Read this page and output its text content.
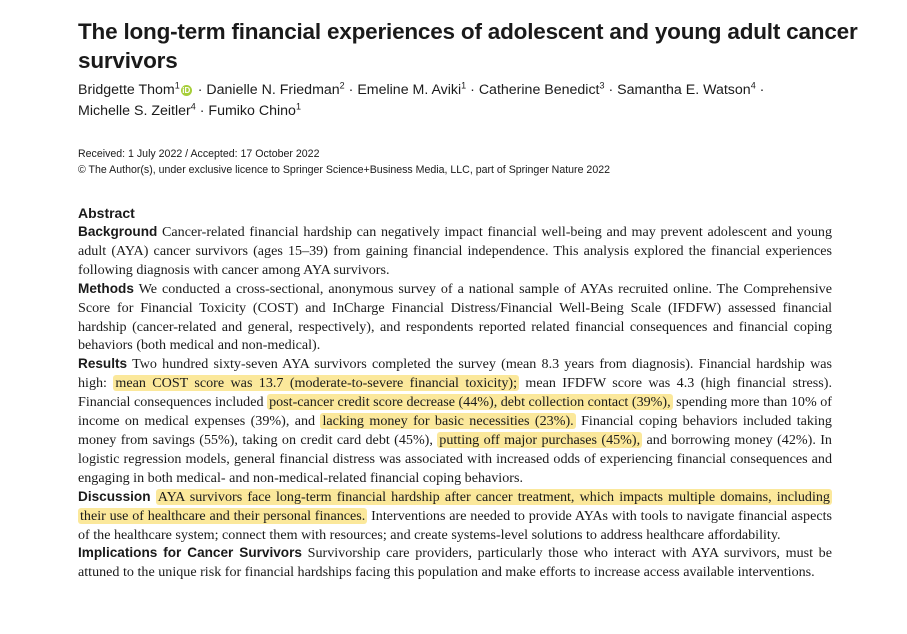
The long-term financial experiences of adolescent and young adult cancer survivors
Bridgette Thom$^1$iD · Danielle N. Friedman$^2$ · Emeline M. Aviki$^1$ · Catherine Benedict$^3$ · Samantha E. Watson$^4$ ·
Michelle S. Zeitler$^4$ · Fumiko Chino$^1$
Received: 1 July 2022 / Accepted: 17 October 2022
© The Author(s), under exclusive licence to Springer Science+Business Media, LLC, part of Springer Nature 2022
Abstract

Background Cancer-related financial hardship can negatively impact financial well-being and may prevent adolescent and young adult (AYA) cancer survivors (ages 15–39) from gaining financial independence. This analysis explored the financial experiences following diagnosis with cancer among AYA survivors.

Methods We conducted a cross-sectional, anonymous survey of a national sample of AYAs recruited online. The Comprehensive Score for Financial Toxicity (COST) and InCharge Financial Distress/Financial Well-Being Scale (IFDFW) assessed financial hardship (cancer-related and general, respectively), and respondents reported related financial consequences and financial coping behaviors (both medical and non-medical).

Results Two hundred sixty-seven AYA survivors completed the survey (mean 8.3 years from diagnosis). Financial hardship was high: mean COST score was 13.7 (moderate-to-severe financial toxicity); mean IFDFW score was 4.3 (high financial stress). Financial consequences included post-cancer credit score decrease (44%), debt collection contact (39%), spending more than 10% of income on medical expenses (39%), and lacking money for basic necessities (23%). Financial coping behaviors included taking money from savings (55%), taking on credit card debt (45%), putting off major purchases (45%), and borrowing money (42%). In logistic regression models, general financial distress was associated with increased odds of experiencing financial consequences and engaging in both medical- and non-medical-related financial coping behaviors.

Discussion AYA survivors face long-term financial hardship after cancer treatment, which impacts multiple domains, including their use of healthcare and their personal finances. Interventions are needed to provide AYAs with tools to navigate financial aspects of the healthcare system; connect them with resources; and create systems-level solutions to address healthcare affordability.

Implications for Cancer Survivors Survivorship care providers, particularly those who interact with AYA survivors, must be attuned to the unique risk for financial hardships facing this population and make efforts to increase access available interventions.
